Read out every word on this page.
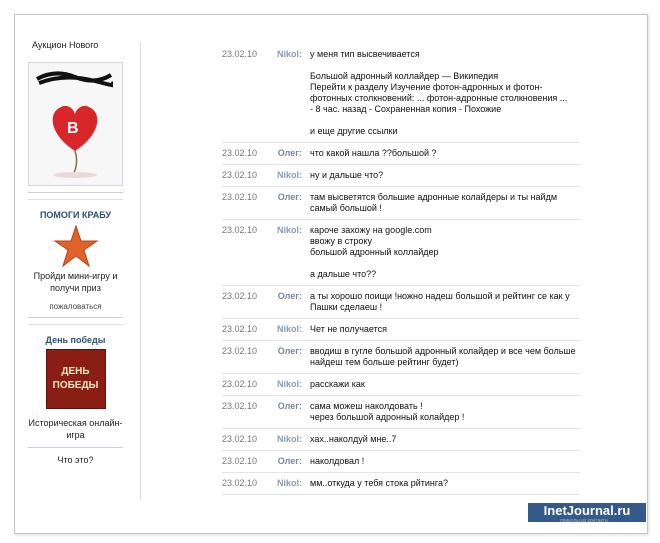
Аукцион Нового
B
ПОМОГИ КРАБУ
Пройди мини-игру и получи приз
пожаловаться
День победы
ДЕНЬ ПОБЕДЫ
Историческая онлайн-игра
Что это?
23.02.10	Nikol: у меня тип высвечивается

Большой адронный коллайдер — Википедия
Перейти к разделу Изучение фотон-адронных и фотон-
фотонных столкновений: ... фотон-адронные столкновения ...
- 8 час. назад - Сохраненная копия - Похожие

и еще другие ссылки
23.02.10	Олег: что какой нашла ??большой ?
23.02.10	Nikol: ну и дальше что?
23.02.10	Олег: там высветятся большие адронные колайдеры и ты найдм
самый большой !
23.02.10	Nikol: кароче захожу на google.com
ввожу в строку
большой адронный коллайдер

а дальше что??
23.02.10	Олег: а ты хорошо поищи !ножно надеш большой и рейтинг се как у
Пашки сделаеш !
23.02.10	Nikol: Чет не получается
23.02.10	Олег: вводиш в гугле большой адронный колайдер и все чем больше
найдеш тем больше рейтинг будет)
23.02.10	Nikol: расскажи как
23.02.10	Олег: сама можеш наколдовать !
через большой адронный колайдер !
23.02.10	Nikol: хах..наколдуй мне..7
23.02.10	Олег: наколдовал !
23.02.10	Nikol: мм..откуда у тебя стока рйтинга?
InetJournal.ru
приколы из контакта
